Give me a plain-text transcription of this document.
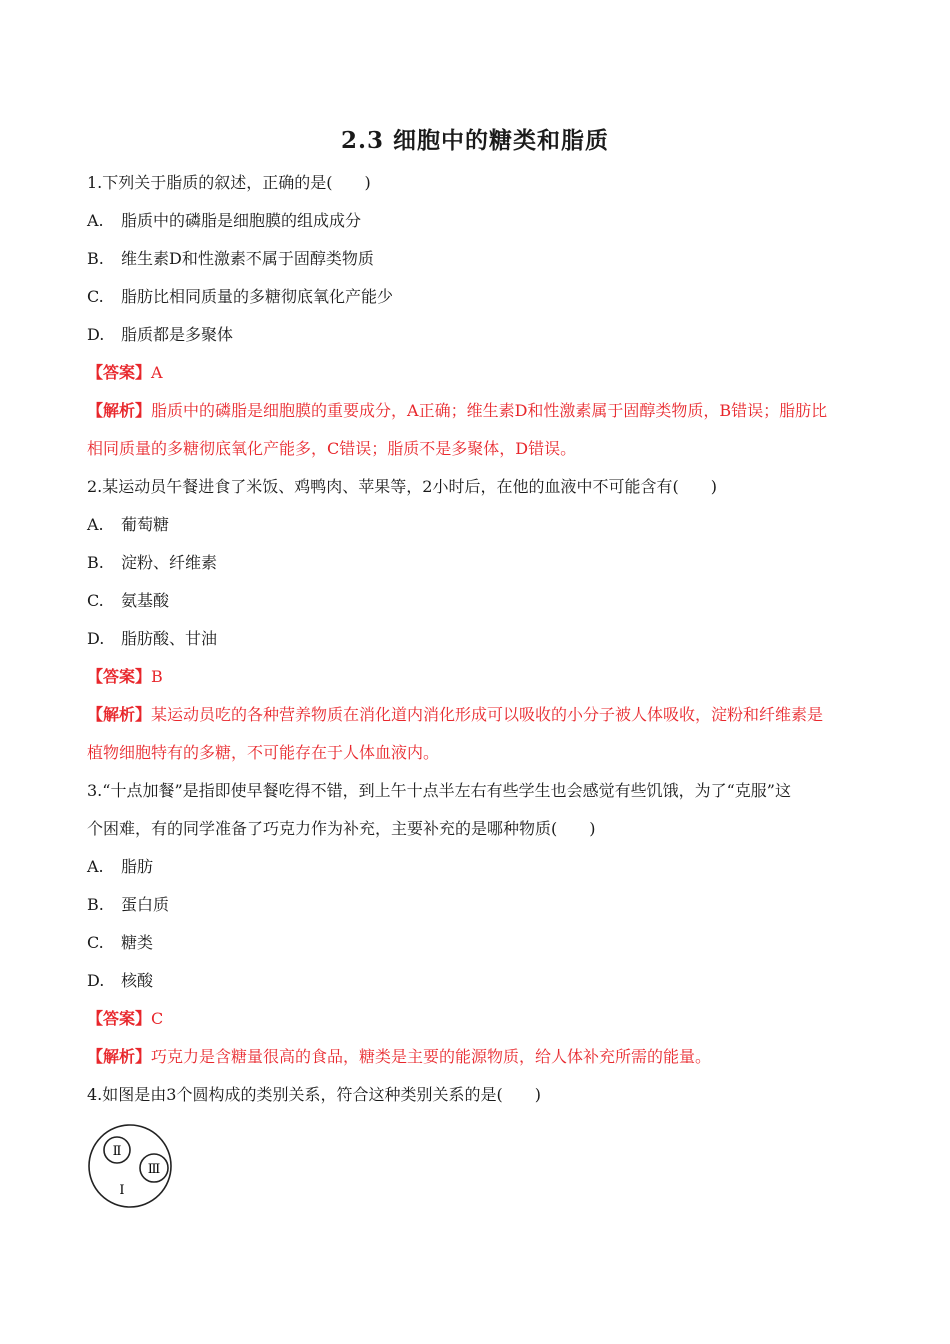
2.3 细胞中的糖类和脂质
1.下列关于脂质的叙述，正确的是(　　)
A. 脂质中的磷脂是细胞膜的组成成分
B. 维生素D和性激素不属于固醇类物质
C. 脂肪比相同质量的多糖彻底氧化产能少
D. 脂质都是多聚体
【答案】A
【解析】脂质中的磷脂是细胞膜的重要成分，A正确；维生素D和性激素属于固醇类物质，B错误；脂肪比
相同质量的多糖彻底氧化产能多，C错误；脂质不是多聚体，D错误。
2.某运动员午餐进食了米饭、鸡鸭肉、苹果等，2小时后，在他的血液中不可能含有(　　)
A. 葡萄糖
B. 淀粉、纤维素
C. 氨基酸
D. 脂肪酸、甘油
【答案】B
【解析】某运动员吃的各种营养物质在消化道内消化形成可以吸收的小分子被人体吸收，淀粉和纤维素是
植物细胞特有的多糖，不可能存在于人体血液内。
3.“十点加餐”是指即使早餐吃得不错，到上午十点半左右有些学生也会感觉有些饥饿，为了“克服”这
个困难，有的同学准备了巧克力作为补充，主要补充的是哪种物质(　　)
A. 脂肪
B. 蛋白质
C. 糖类
D. 核酸
【答案】C
【解析】巧克力是含糖量很高的食品，糖类是主要的能源物质，给人体补充所需的能量。
4.如图是由3个圆构成的类别关系，符合这种类别关系的是(　　)
Ⅱ
Ⅲ
Ⅰ
